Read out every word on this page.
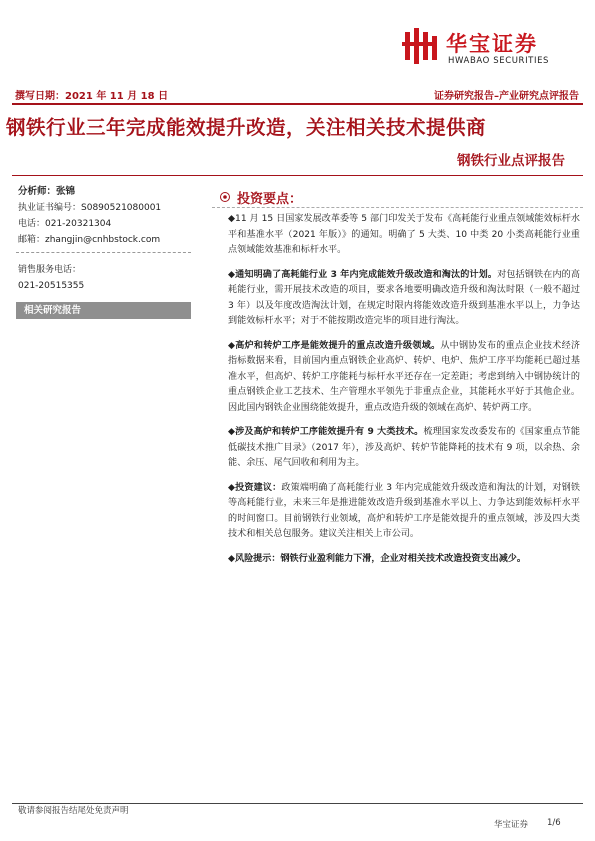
华宝证券
HWABAO SECURITIES
撰写日期：2021 年 11 月 18 日	证券研究报告–产业研究点评报告
钢铁行业三年完成能效提升改造，关注相关技术提供商
钢铁行业点评报告
分析师：张锦
执业证书编号：S0890521080001
电话：021-20321304
邮箱：zhangjin@cnhbstock.com
销售服务电话：
021-20515355
相关研究报告
投资要点：

◆11 月 15 日国家发展改革委等 5 部门印发关于发布《高耗能行业重点领域能效标杆水平和基准水平（2021 年版）》的通知。明确了 5 大类、10 中类 20 小类高耗能行业重点领域能效基准和标杆水平。

◆通知明确了高耗能行业 3 年内完成能效升级改造和淘汰的计划。对包括钢铁在内的高耗能行业，需开展技术改造的项目，要求各地要明确改造升级和淘汰时限（一般不超过 3 年）以及年度改造淘汰计划，在规定时限内将能效改造升级到基准水平以上，力争达到能效标杆水平；对于不能按期改造完毕的项目进行淘汰。

◆高炉和转炉工序是能效提升的重点改造升级领域。从中钢协发布的重点企业技术经济指标数据来看，目前国内重点钢铁企业高炉、转炉、电炉、焦炉工序平均能耗已超过基准水平，但高炉、转炉工序能耗与标杆水平还存在一定差距；考虑到纳入中钢协统计的重点钢铁企业工艺技术、生产管理水平领先于非重点企业，其能耗水平好于其他企业。因此国内钢铁企业围绕能效提升，重点改造升级的领域在高炉、转炉两工序。

◆涉及高炉和转炉工序能效提升有 9 大类技术。梳理国家发改委发布的《国家重点节能低碳技术推广目录》（2017 年），涉及高炉、转炉节能降耗的技术有 9 项，以余热、余能、余压、尾气回收和利用为主。

◆投资建议：政策端明确了高耗能行业 3 年内完成能效升级改造和淘汰的计划，对钢铁等高耗能行业，未来三年是推进能效改造升级到基准水平以上、力争达到能效标杆水平的时间窗口。目前钢铁行业领域，高炉和转炉工序是能效提升的重点领域，涉及四大类技术和相关总包服务。建议关注相关上市公司。

◆风险提示：钢铁行业盈利能力下滑，企业对相关技术改造投资支出减少。

敬请参阅报告结尾处免责声明
华宝证券 1/6
